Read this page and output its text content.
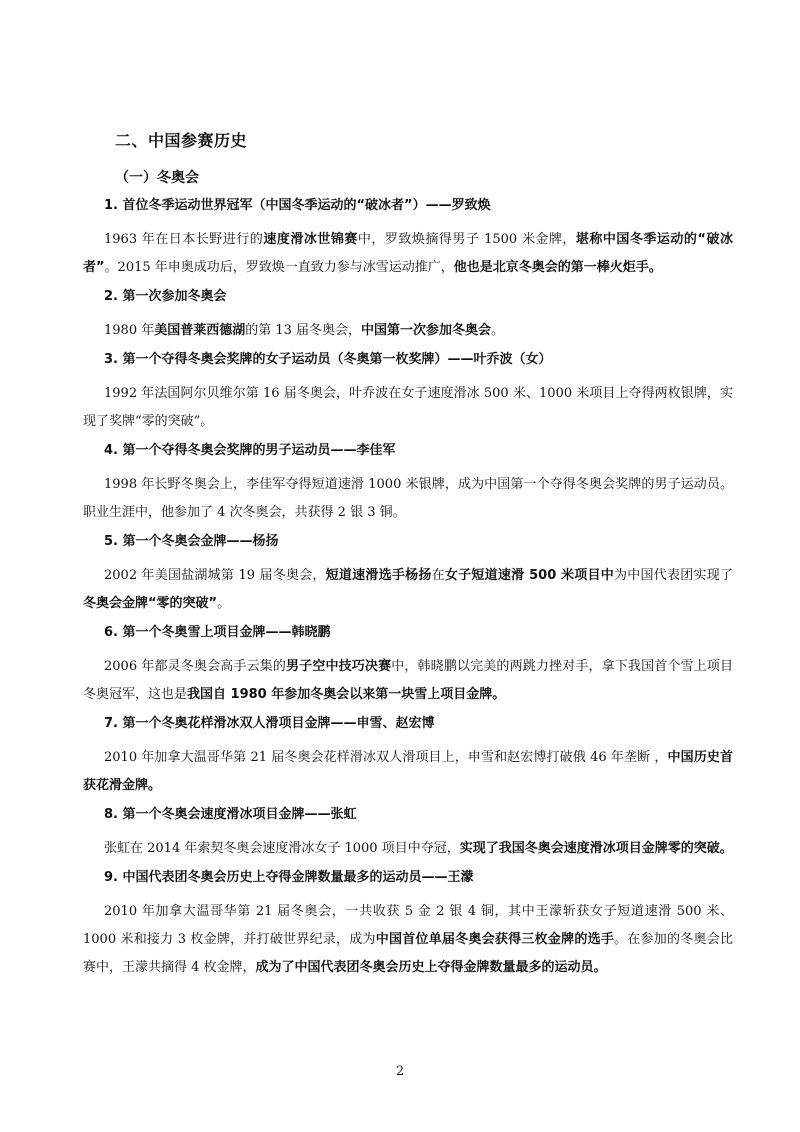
二、中国参赛历史
（一）冬奥会
1. 首位冬季运动世界冠军（中国冬季运动的“破冰者”）——罗致焕
1963 年在日本长野进行的速度滑冰世锦赛中，罗致焕摘得男子 1500 米金牌，堪称中国冬季运动的“破冰者”。2015 年申奥成功后，罗致焕一直致力参与冰雪运动推广，他也是北京冬奥会的第一棒火炬手。
2. 第一次参加冬奥会
1980 年美国普莱西德湖的第 13 届冬奥会，中国第一次参加冬奥会。
3. 第一个夺得冬奥会奖牌的女子运动员（冬奥第一枚奖牌）——叶乔波（女）
1992 年法国阿尔贝维尔第 16 届冬奥会，叶乔波在女子速度滑冰 500 米、1000 米项目上夺得两枚银牌，实现了奖牌“零的突破”。
4. 第一个夺得冬奥会奖牌的男子运动员——李佳军
1998 年长野冬奥会上，李佳军夺得短道速滑 1000 米银牌，成为中国第一个夺得冬奥会奖牌的男子运动员。职业生涯中，他参加了 4 次冬奥会，共获得 2 银 3 铜。
5. 第一个冬奥会金牌——杨扬
2002 年美国盐湖城第 19 届冬奥会，短道速滑选手杨扬在女子短道速滑 500 米项目中为中国代表团实现了冬奥会金牌“零的突破”。
6. 第一个冬奥雪上项目金牌——韩晓鹏
2006 年都灵冬奥会高手云集的男子空中技巧决赛中，韩晓鹏以完美的两跳力挫对手，拿下我国首个雪上项目冬奥冠军，这也是我国自 1980 年参加冬奥会以来第一块雪上项目金牌。
7. 第一个冬奥花样滑冰双人滑项目金牌——申雪、赵宏博
2010 年加拿大温哥华第 21 届冬奥会花样滑冰双人滑项目上，申雪和赵宏博打破俄 46 年垄断 ，中国历史首获花滑金牌。
8. 第一个冬奥会速度滑冰项目金牌——张虹
张虹在 2014 年索契冬奥会速度滑冰女子 1000 项目中夺冠，实现了我国冬奥会速度滑冰项目金牌零的突破。
9. 中国代表团冬奥会历史上夺得金牌数量最多的运动员——王濛
2010 年加拿大温哥华第 21 届冬奥会，一共收获 5 金 2 银 4 铜，其中王濛斩获女子短道速滑 500 米、1000 米和接力 3 枚金牌，并打破世界纪录，成为中国首位单届冬奥会获得三枚金牌的选手。在参加的冬奥会比赛中，王濛共摘得 4 枚金牌，成为了中国代表团冬奥会历史上夺得金牌数量最多的运动员。
2
